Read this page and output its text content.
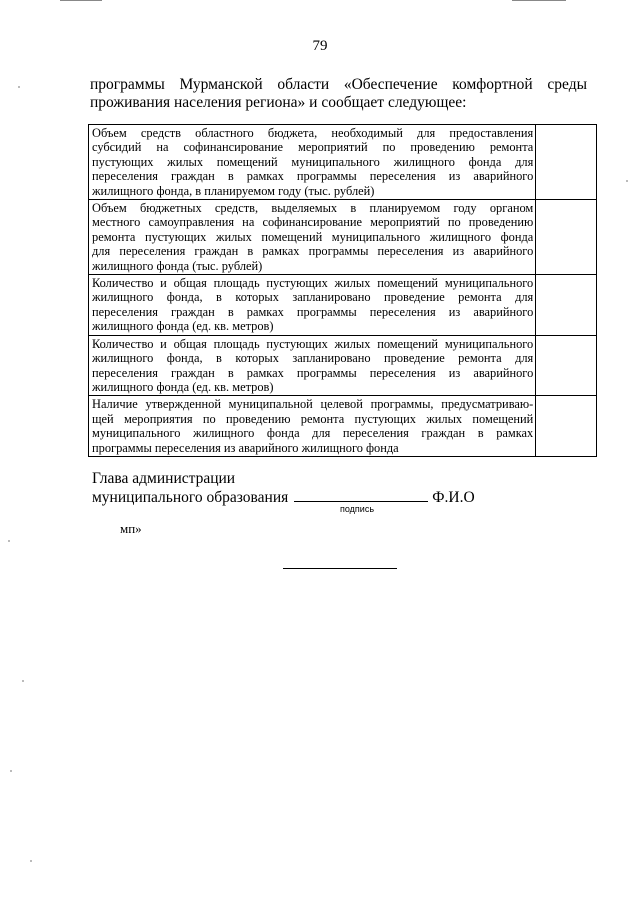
79
программы Мурманской области «Обеспечение комфортной среды
проживания населения региона» и сообщает следующее:
Объем средств областного бюджета, необходимый для предоставления
субсидий на софинансирование мероприятий по проведению ремонта
пустующих жилых помещений муниципального жилищного фонда для
переселения граждан в рамках программы переселения из аварийного
жилищного фонда, в планируемом году (тыс. рублей)	

Объем бюджетных средств, выделяемых в планируемом году органом
местного самоуправления на софинансирование мероприятий по проведению
ремонта пустующих жилых помещений муниципального жилищного фонда
для переселения граждан в рамках программы переселения из аварийного
жилищного фонда (тыс. рублей)	

Количество и общая площадь пустующих жилых помещений муниципального
жилищного фонда, в которых запланировано проведение ремонта для
переселения граждан в рамках программы переселения из аварийного
жилищного фонда (ед. кв. метров)	

Количество и общая площадь пустующих жилых помещений муниципального
жилищного фонда, в которых запланировано проведение ремонта для
переселения граждан в рамках программы переселения из аварийного
жилищного фонда (ед. кв. метров)	

Наличие утвержденной муниципальной целевой программы, предусматриваю-
щей мероприятия по проведению ремонта пустующих жилых помещений
муниципального жилищного фонда для переселения граждан в рамках
программы переселения из аварийного жилищного фонда	

Глава администрации
муниципального образования	Ф.И.О
подпись
мп»
